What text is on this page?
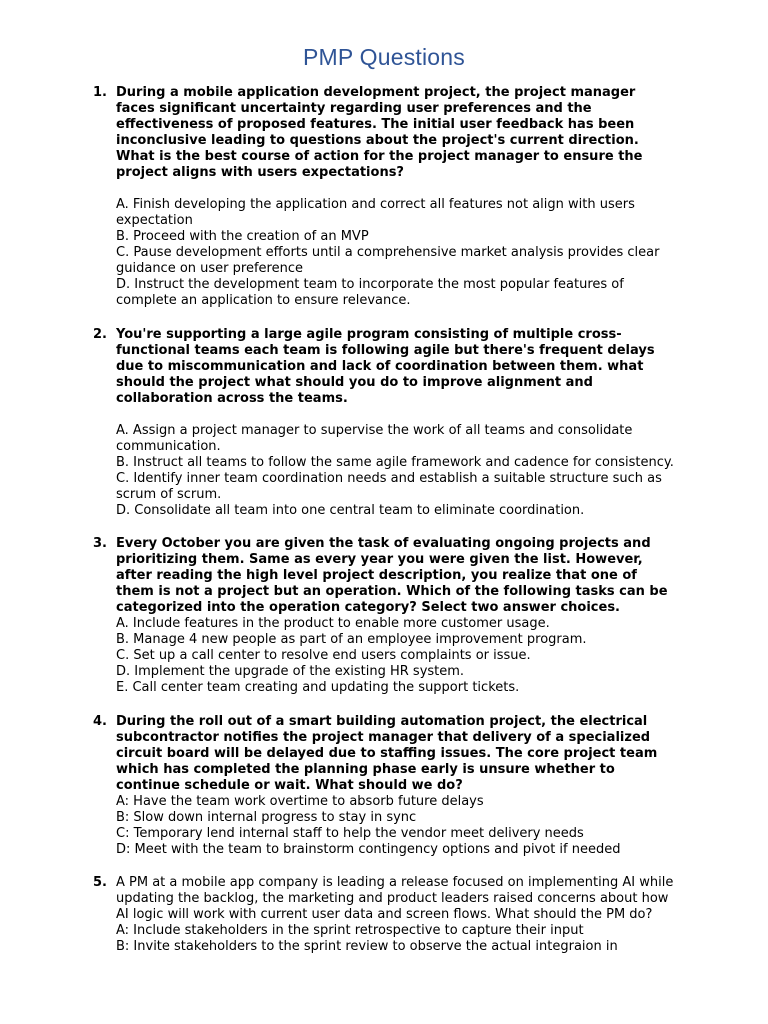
PMP Questions
1. During a mobile application development project, the project manager faces significant uncertainty regarding user preferences and the effectiveness of proposed features. The initial user feedback has been inconclusive leading to questions about the project's current direction. What is the best course of action for the project manager to ensure the project aligns with users expectations?
A. Finish developing the application and correct all features not align with users expectation
B. Proceed with the creation of an MVP
C. Pause development efforts until a comprehensive market analysis provides clear guidance on user preference
D. Instruct the development team to incorporate the most popular features of complete an application to ensure relevance.
2. You're supporting a large agile program consisting of multiple cross-functional teams each team is following agile but there's frequent delays due to miscommunication and lack of coordination between them. what should the project what should you do to improve alignment and collaboration across the teams.
A. Assign a project manager to supervise the work of all teams and consolidate communication.
B. Instruct all teams to follow the same agile framework and cadence for consistency.
C. Identify inner team coordination needs and establish a suitable structure such as scrum of scrum.
D. Consolidate all team into one central team to eliminate coordination.
3. Every October you are given the task of evaluating ongoing projects and prioritizing them. Same as every year you were given the list. However, after reading the high level project description, you realize that one of them is not a project but an operation. Which of the following tasks can be categorized into the operation category? Select two answer choices.
A. Include features in the product to enable more customer usage.
B. Manage 4 new people as part of an employee improvement program.
C. Set up a call center to resolve end users complaints or issue.
D. Implement the upgrade of the existing HR system.
E. Call center team creating and updating the support tickets.
4. During the roll out of a smart building automation project, the electrical subcontractor notifies the project manager that delivery of a specialized circuit board will be delayed due to staffing issues. The core project team which has completed the planning phase early is unsure whether to continue schedule or wait. What should we do?
A: Have the team work overtime to absorb future delays
B: Slow down internal progress to stay in sync
C: Temporary lend internal staff to help the vendor meet delivery needs
D: Meet with the team to brainstorm contingency options and pivot if needed
5. A PM at a mobile app company is leading a release focused on implementing AI while updating the backlog, the marketing and product leaders raised concerns about how AI logic will work with current user data and screen flows. What should the PM do?
A: Include stakeholders in the sprint retrospective to capture their input
B: Invite stakeholders to the sprint review to observe the actual integraion in
